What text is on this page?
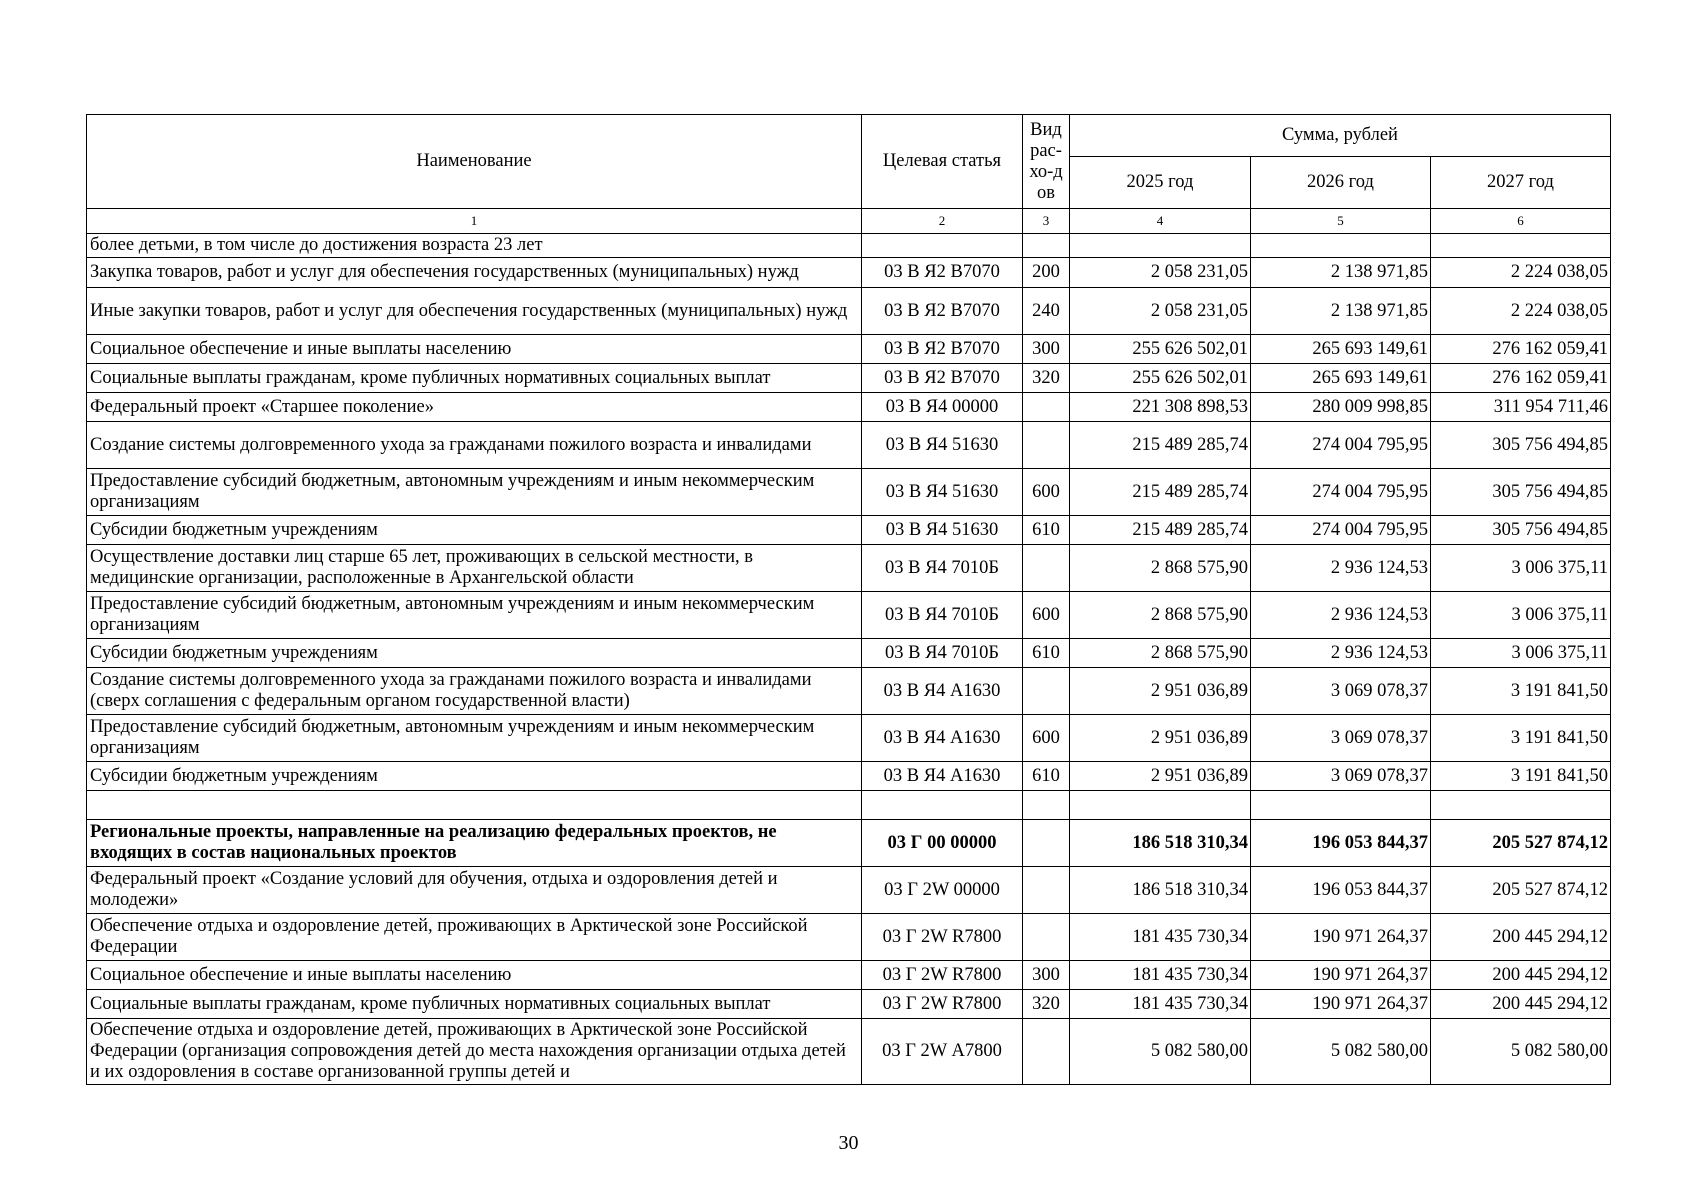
Наименование	Целевая статья	Вид рас-хо-дов	Сумма, рублей		
			2025 год	2026 год	2027 год
1	2	3	4	5	6
более детьми, в том числе до достижения возраста 23 лет					
Закупка товаров, работ и услуг для обеспечения государственных (муниципальных) нужд	03 В Я2 В7070	200	2 058 231,05	2 138 971,85	2 224 038,05
Иные закупки товаров, работ и услуг для обеспечения государственных (муниципальных) нужд	03 В Я2 В7070	240	2 058 231,05	2 138 971,85	2 224 038,05
Социальное обеспечение и иные выплаты населению	03 В Я2 В7070	300	255 626 502,01	265 693 149,61	276 162 059,41
Социальные выплаты гражданам, кроме публичных нормативных социальных выплат	03 В Я2 В7070	320	255 626 502,01	265 693 149,61	276 162 059,41
Федеральный проект «Старшее поколение»	03 В Я4 00000		221 308 898,53	280 009 998,85	311 954 711,46
Создание системы долговременного ухода за гражданами пожилого возраста и инвалидами	03 В Я4 51630		215 489 285,74	274 004 795,95	305 756 494,85
Предоставление субсидий бюджетным, автономным учреждениям и иным некоммерческим организациям	03 В Я4 51630	600	215 489 285,74	274 004 795,95	305 756 494,85
Субсидии бюджетным учреждениям	03 В Я4 51630	610	215 489 285,74	274 004 795,95	305 756 494,85
Осуществление доставки лиц старше 65 лет, проживающих в сельской местности, в медицинские организации, расположенные в Архангельской области	03 В Я4 7010Б		2 868 575,90	2 936 124,53	3 006 375,11
Предоставление субсидий бюджетным, автономным учреждениям и иным некоммерческим организациям	03 В Я4 7010Б	600	2 868 575,90	2 936 124,53	3 006 375,11
Субсидии бюджетным учреждениям	03 В Я4 7010Б	610	2 868 575,90	2 936 124,53	3 006 375,11
Создание системы долговременного ухода за гражданами пожилого возраста и инвалидами (сверх соглашения с федеральным органом государственной власти)	03 В Я4 А1630		2 951 036,89	3 069 078,37	3 191 841,50
Предоставление субсидий бюджетным, автономным учреждениям и иным некоммерческим организациям	03 В Я4 А1630	600	2 951 036,89	3 069 078,37	3 191 841,50
Субсидии бюджетным учреждениям	03 В Я4 А1630	610	2 951 036,89	3 069 078,37	3 191 841,50

Региональные проекты, направленные на реализацию федеральных проектов, не входящих в состав национальных проектов	03 Г 00 00000		186 518 310,34	196 053 844,37	205 527 874,12
Федеральный проект «Создание условий для обучения, отдыха и оздоровления детей и молодежи»	03 Г 2W 00000		186 518 310,34	196 053 844,37	205 527 874,12
Обеспечение отдыха и оздоровление детей, проживающих в Арктической зоне Российской Федерации	03 Г 2W R7800		181 435 730,34	190 971 264,37	200 445 294,12
Социальное обеспечение и иные выплаты населению	03 Г 2W R7800	300	181 435 730,34	190 971 264,37	200 445 294,12
Социальные выплаты гражданам, кроме публичных нормативных социальных выплат	03 Г 2W R7800	320	181 435 730,34	190 971 264,37	200 445 294,12
Обеспечение отдыха и оздоровление детей, проживающих в Арктической зоне Российской Федерации (организация сопровождения детей до места нахождения организации отдыха детей и их оздоровления в составе организованной группы детей и	03 Г 2W А7800		5 082 580,00	5 082 580,00	5 082 580,00
30
